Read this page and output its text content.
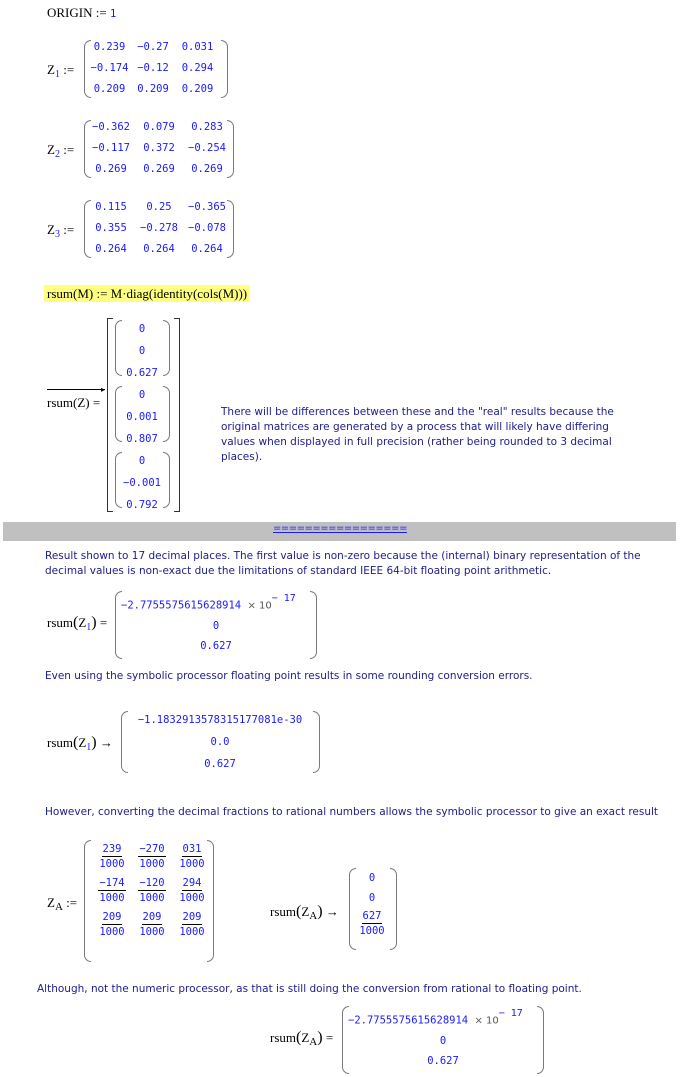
ORIGIN := 1
$Z_1$ :=
0.239 −0.27 0.031
−0.174 −0.12 0.294
0.209 0.209 0.209
$Z_2$ :=
−0.362 0.079 0.283
−0.117 0.372 −0.254
0.269 0.269 0.269
$Z_3$ :=
0.115 0.25 −0.365
0.355 −0.278 −0.078
0.264 0.264 0.264
rsum(M) := M·diag(identity(cols(M)))
▸
rsum(Z) =
0
0
0.627
0
0.001
0.807
0
−0.001
0.792
There will be differences between these and the "real" results because the original matrices are generated by a process that will likely have differing values when displayed in full precision (rather being rounded to 3 decimal places).
=================
Result shown to 17 decimal places. The first value is non-zero because the (internal) binary representation of the decimal values is non-exact due the limitations of standard IEEE 64-bit floating point arithmetic.
$rsum(Z_1)$ =
$-2.7755575615628914 \times 10^{- 17}$
0
0.627
Even using the symbolic processor floating point results in some rounding conversion errors.
$rsum(Z_1)$ →
−1.1832913578315177081e-30
0.0
0.627
However, converting the decimal fractions to rational numbers allows the symbolic processor to give an exact result
$Z_A$ :=
$\frac{239}{1000} \frac{-270}{1000} \frac{031}{1000}$
$\frac{-174}{1000} \frac{-120}{1000} \frac{294}{1000}$
$\frac{209}{1000} \frac{209}{1000} \frac{209}{1000}$	$rsum(Z_A)$ →
0
0
$\frac{627}{1000}$
Although, not the numeric processor, as that is still doing the conversion from rational to floating point.
$rsum(Z_A)$ =
$-2.7755575615628914 \times 10^{- 17}$
0
0.627
